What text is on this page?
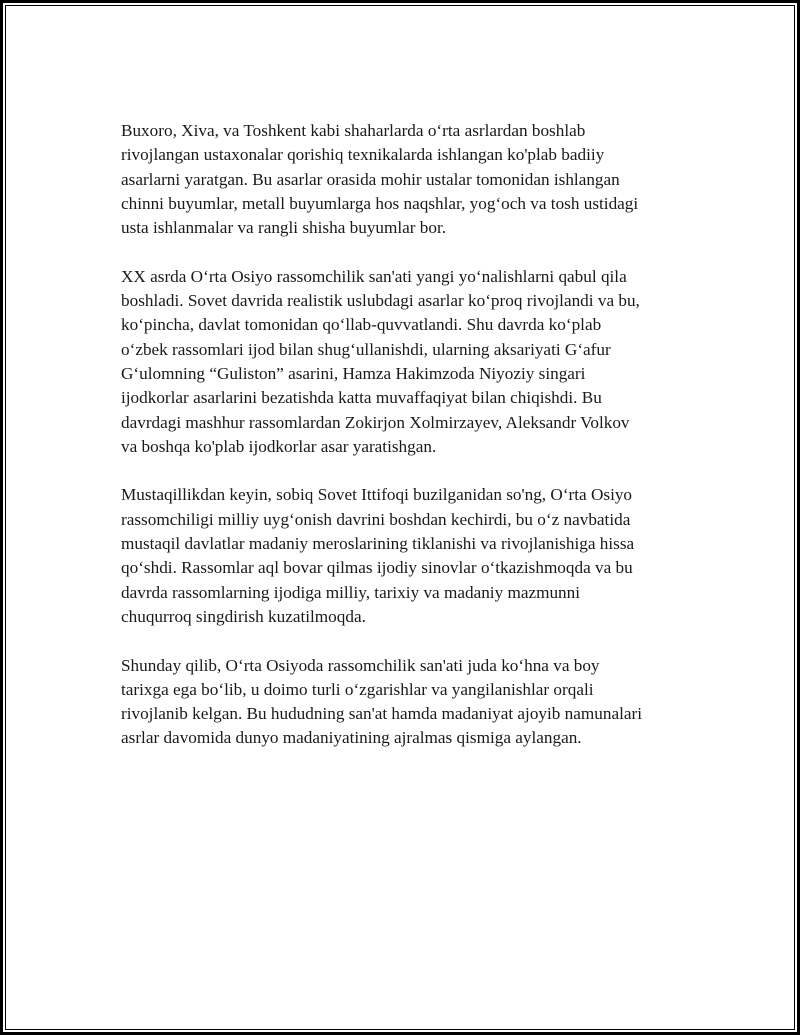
Buxoro, Xiva, va Toshkent kabi shaharlarda o‘rta asrlardan boshlab
rivojlangan ustaxonalar qorishiq texnikalarda ishlangan ko'plab badiiy
asarlarni yaratgan. Bu asarlar orasida mohir ustalar tomonidan ishlangan
chinni buyumlar, metall buyumlarga hos naqshlar, yog‘och va tosh ustidagi
usta ishlanmalar va rangli shisha buyumlar bor.

XX asrda O‘rta Osiyo rassomchilik san'ati yangi yo‘nalishlarni qabul qila
boshladi. Sovet davrida realistik uslubdagi asarlar ko‘proq rivojlandi va bu,
ko‘pincha, davlat tomonidan qo‘llab-quvvatlandi. Shu davrda ko‘plab
o‘zbek rassomlari ijod bilan shug‘ullanishdi, ularning aksariyati G‘afur
G‘ulomning “Guliston” asarini, Hamza Hakimzoda Niyoziy singari
ijodkorlar asarlarini bezatishda katta muvaffaqiyat bilan chiqishdi. Bu
davrdagi mashhur rassomlardan Zokirjon Xolmirzayev, Aleksandr Volkov
va boshqa ko'plab ijodkorlar asar yaratishgan.

Mustaqillikdan keyin, sobiq Sovet Ittifoqi buzilganidan so'ng, O‘rta Osiyo
rassomchiligi milliy uyg‘onish davrini boshdan kechirdi, bu o‘z navbatida
mustaqil davlatlar madaniy meroslarining tiklanishi va rivojlanishiga hissa
qo‘shdi. Rassomlar aql bovar qilmas ijodiy sinovlar o‘tkazishmoqda va bu
davrda rassomlarning ijodiga milliy, tarixiy va madaniy mazmunni
chuqurroq singdirish kuzatilmoqda.

Shunday qilib, O‘rta Osiyoda rassomchilik san'ati juda ko‘hna va boy
tarixga ega bo‘lib, u doimo turli o‘zgarishlar va yangilanishlar orqali
rivojlanib kelgan. Bu hududning san'at hamda madaniyat ajoyib namunalari
asrlar davomida dunyo madaniyatining ajralmas qismiga aylangan.
